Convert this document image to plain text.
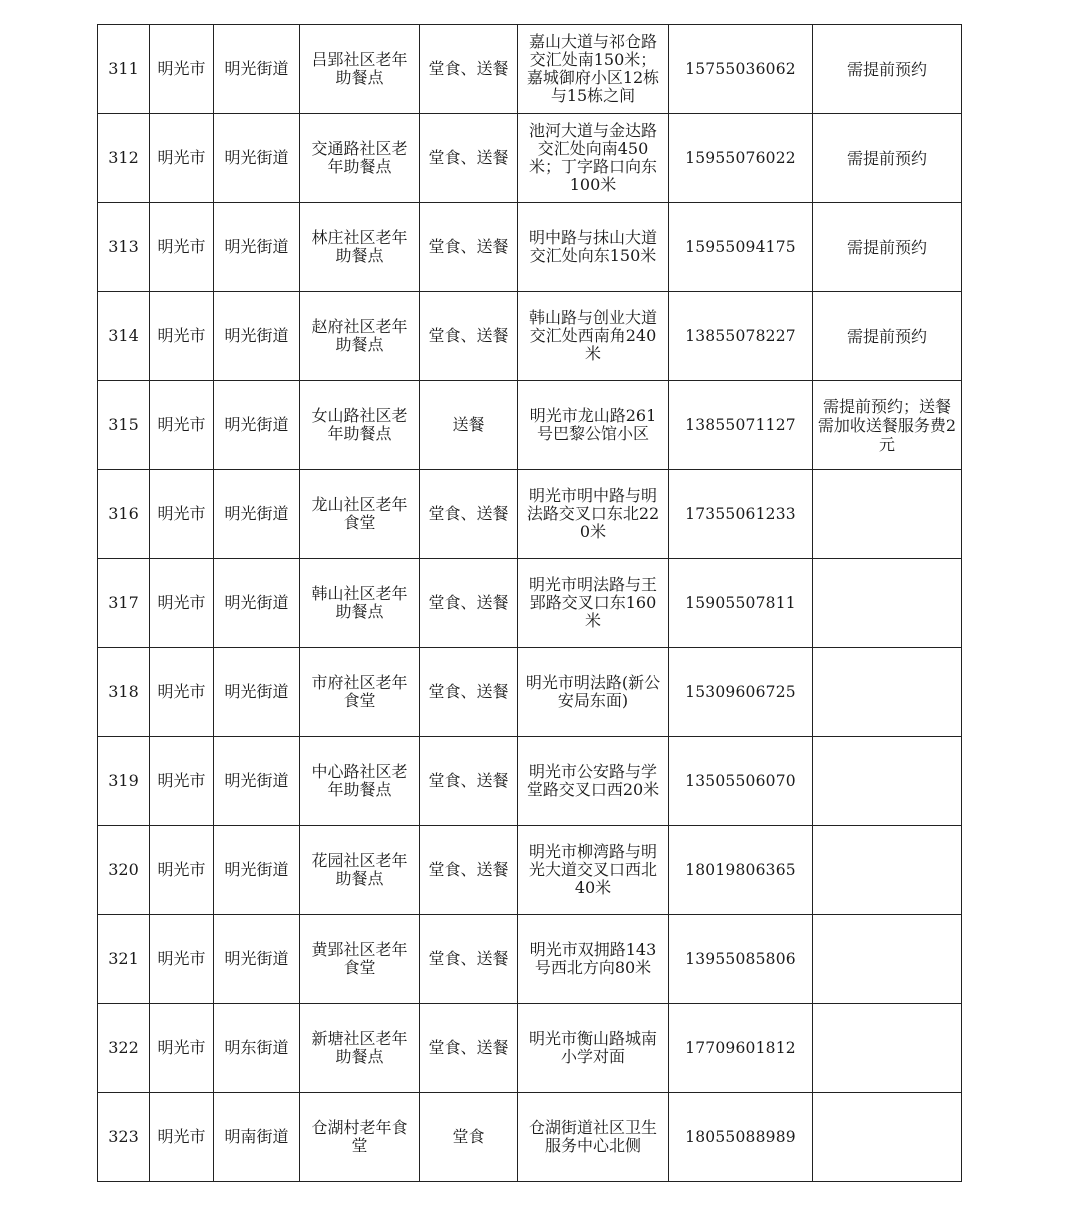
311	明光市	明光街道	吕郢社区老年助餐点	堂食、送餐	嘉山大道与祁仓路交汇处南150米；嘉城御府小区12栋与15栋之间	15755036062	需提前预约
312	明光市	明光街道	交通路社区老年助餐点	堂食、送餐	池河大道与金达路交汇处向南450米；丁字路口向东100米	15955076022	需提前预约
313	明光市	明光街道	林庄社区老年助餐点	堂食、送餐	明中路与抹山大道交汇处向东150米	15955094175	需提前预约
314	明光市	明光街道	赵府社区老年助餐点	堂食、送餐	韩山路与创业大道交汇处西南角240米	13855078227	需提前预约
315	明光市	明光街道	女山路社区老年助餐点	送餐	明光市龙山路261号巴黎公馆小区	13855071127	需提前预约；送餐需加收送餐服务费2元
316	明光市	明光街道	龙山社区老年食堂	堂食、送餐	明光市明中路与明法路交叉口东北220米	17355061233	
317	明光市	明光街道	韩山社区老年助餐点	堂食、送餐	明光市明法路与王郢路交叉口东160米	15905507811	
318	明光市	明光街道	市府社区老年食堂	堂食、送餐	明光市明法路(新公安局东面)	15309606725	
319	明光市	明光街道	中心路社区老年助餐点	堂食、送餐	明光市公安路与学堂路交叉口西20米	13505506070	
320	明光市	明光街道	花园社区老年助餐点	堂食、送餐	明光市柳湾路与明光大道交叉口西北40米	18019806365	
321	明光市	明光街道	黄郢社区老年食堂	堂食、送餐	明光市双拥路143号西北方向80米	13955085806	
322	明光市	明东街道	新塘社区老年助餐点	堂食、送餐	明光市衡山路城南小学对面	17709601812	
323	明光市	明南街道	仓湖村老年食堂	堂食	仓湖街道社区卫生服务中心北侧	18055088989	
